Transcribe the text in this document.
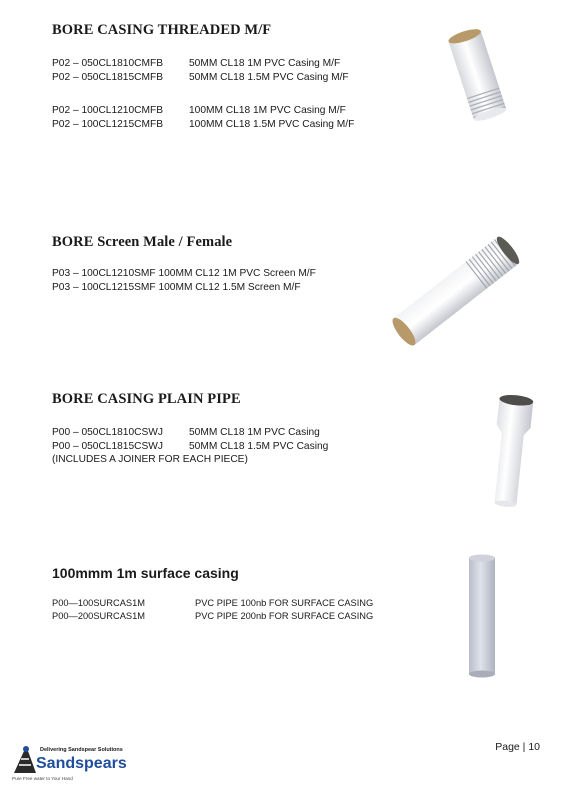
BORE CASING THREADED M/F
P02 – 050CL1810CMFB	50MM CL18 1M PVC Casing M/F
P02 – 050CL1815CMFB	50MM CL18 1.5M PVC Casing M/F
P02 – 100CL1210CMFB	100MM CL18 1M PVC Casing M/F
P02 – 100CL1215CMFB	100MM CL18 1.5M PVC Casing M/F
BORE Screen Male / Female
P03 – 100CL1210SMF 100MM CL12 1M PVC Screen M/F
P03 – 100CL1215SMF 100MM CL12 1.5M Screen M/F
BORE CASING PLAIN PIPE
P00 – 050CL1810CSWJ	50MM CL18 1M PVC Casing
P00 – 050CL1815CSWJ	50MM CL18 1.5M PVC Casing
(INCLUDES A JOINER FOR EACH PIECE)
100mmm 1m surface casing
P00—100SURCAS1M	PVC PIPE 100nb FOR SURFACE CASING
P00—200SURCAS1M	PVC PIPE 200nb FOR SURFACE CASING
Delivering Sandspear Solutions
Sandspears
Pure Free water to Your Hand
Page | 10
